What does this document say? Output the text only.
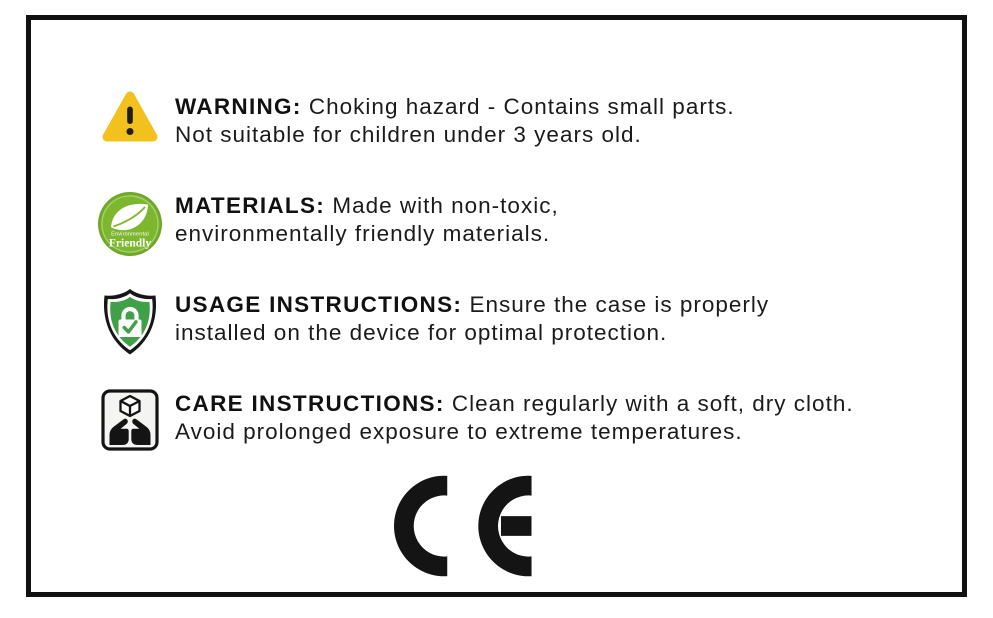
WARNING: Choking hazard - Contains small parts.
Not suitable for children under 3 years old.
Environmental
Friendly
MATERIALS: Made with non-toxic,
environmentally friendly materials.
USAGE INSTRUCTIONS: Ensure the case is properly
installed on the device for optimal protection.
CARE INSTRUCTIONS: Clean regularly with a soft, dry cloth.
Avoid prolonged exposure to extreme temperatures.
